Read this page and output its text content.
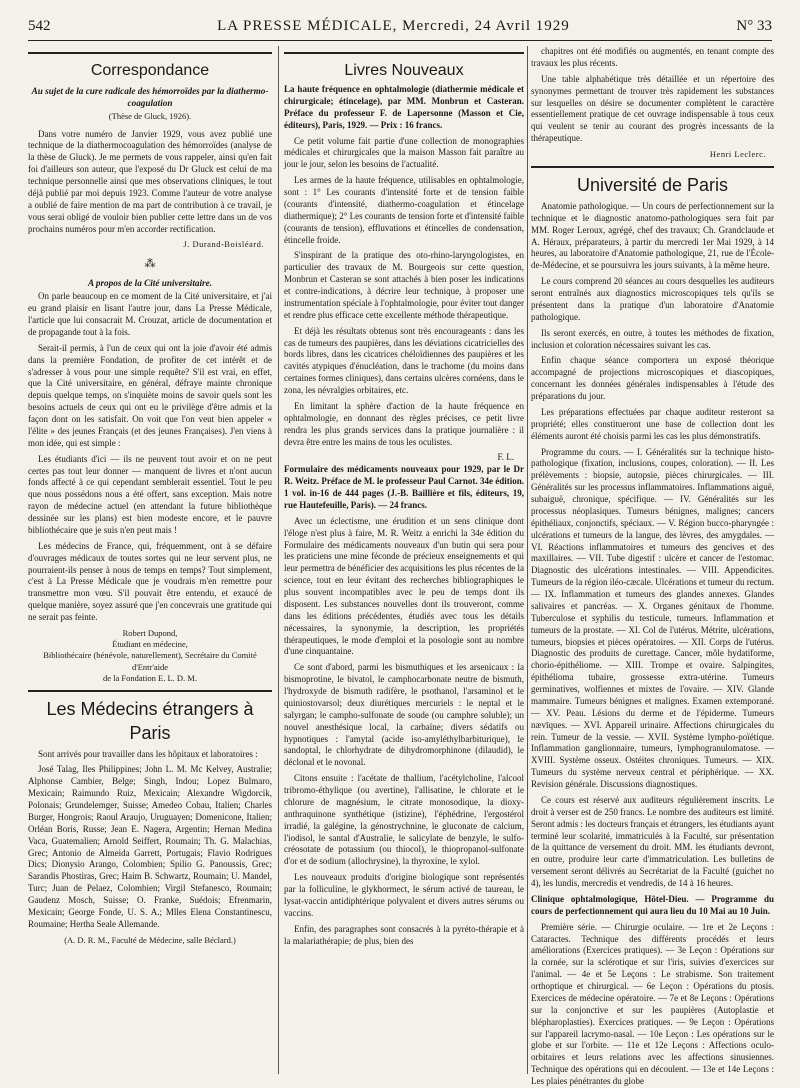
542	LA PRESSE MÉDICALE, Mercredi, 24 Avril 1929	N° 33
Correspondance
Au sujet de la cure radicale des hémorroïdes par la diathermo-coagulation
(Thèse de Gluck, 1926).

Dans votre numéro de Janvier 1929, vous avez publié une technique de la diathermocoagulation des hémorroïdes (analyse de la thèse de Gluck). Je me permets de vous rappeler, ainsi qu'en fait foi d'ailleurs son auteur, que l'exposé du Dr Gluck est celui de ma technique personnelle ainsi que mes observations cliniques, le tout déjà publié par moi depuis 1923. Comme l'auteur de votre analyse a oublié de faire mention de ma part de contribution à ce travail, je vous serai obligé de vouloir bien publier cette lettre dans un de vos prochains numéros pour m'en accorder rectification.

J. Durand-Boisléard.
⁂
A propos de la Cité universitaire.

On parle beaucoup en ce moment de la Cité universitaire, et j'ai eu grand plaisir en lisant l'autre jour, dans La Presse Médicale, l'article que lui consacrait M. Crouzat, article de documentation et de propagande tout à la fois.

Serait-il permis, à l'un de ceux qui ont la joie d'avoir été admis dans la première Fondation, de profiter de cet intérêt et de s'adresser à vous pour une simple requête? S'il est vrai, en effet, que la Cité universitaire, en général, défraye mainte chronique depuis quelque temps, on s'inquiète moins de savoir quels sont les besoins actuels de ceux qui ont eu le privilège d'être admis et la façon dont on les satisfait. On voit que l'on veut bien appeler « l'élite » des jeunes Français (et des jeunes Françaises). J'en viens à mon idée, qui est simple :

Les étudiants d'ici — ils ne peuvent tout avoir et on ne peut certes pas tout leur donner — manquent de livres et n'ont aucun fonds affecté à ce qui cependant semblerait essentiel. Tout le peu que nous possédons nous a été offert, sans exception. Mais notre rayon de médecine actuel (en attendant la future bibliothèque dessinée sur les plans) est bien modeste encore, et le pauvre bibliothécaire que je suis n'en peut mais !

Les médecins de France, qui, fréquemment, ont à se défaire d'ouvrages médicaux de toutes sortes qui ne leur servent plus, ne pourraient-ils penser à nous de temps en temps? Tout simplement, c'est à La Presse Médicale que je voudrais m'en remettre pour transmettre mon vœu. S'il pouvait être entendu, et exaucé de quelque manière, soyez assuré que j'en concevrais une gratitude qui ne serait pas feinte.

Robert Dupond,
Étudiant en médecine,
Bibliothécaire (bénévole, naturellement), Secrétaire du Comité d'Entr'aide
de la Fondation E. L. D. M.
Les Médecins étrangers à Paris

Sont arrivés pour travailler dans les hôpitaux et laboratoires :

José Talag, Iles Philippines; John L. M. Mc Kelvey, Australie; Alphonse Cambier, Belge; Singh, Indou; Lopez Bulmaro, Mexicain; Raimundo Ruiz, Mexicain; Alexandre Wigdorcik, Polonais; Grundelemger, Suisse; Amedeo Cobau, Italien; Charles Burger, Hongrois; Raoul Araujo, Uruguayen; Domenicone, Italien; Orléan Boris, Russe; Jean E. Nagera, Argentin; Hernan Medina Vaca, Guatemalien; Arnold Seiffert, Roumain; Th. G. Malachias, Grec; Antonio de Almeida Garrett, Portugais; Flavio Rodrigues Dics; Dionysio Arango, Colombien; Spilio G. Panoussis, Grec; Sarandis Phostiras, Grec; Haim B. Schwartz, Roumain; U. Mandel, Turc; Juan de Pelaez, Colombien; Virgil Stefanesco, Roumain; Gaudenz Mosch, Suisse; O. Franke, Suédois; Efrenmarin, Mexicain; George Fonde, U. S. A.; Mlles Elena Constantinescu, Roumaine; Hertha Seale Allemande.

(A. D. R. M., Faculté de Médecine, salle Béclard.)
Livres Nouveaux

La haute fréquence en ophtalmologie (diathermie médicale et chirurgicale; étincelage), par MM. Monbrun et Casteran. Préface du professeur F. de Lapersonne (Masson et Cie, éditeurs), Paris, 1929. — Prix : 16 francs.

Ce petit volume fait partie d'une collection de monographies médicales et chirurgicales que la maison Masson fait paraître au jour le jour, selon les besoins de l'actualité.

Les armes de la haute fréquence, utilisables en ophtalmologie, sont : 1° Les courants d'intensité forte et de tension faible (courants d'intensité, diathermo-coagulation et étincelage diathermique); 2° Les courants de tension forte et d'intensité faible (courants de tension), effluvations et étincelles de condensation, étincelle froide.

S'inspirant de la pratique des oto-rhino-laryngologistes, en particulier des travaux de M. Bourgeois sur cette question, Monbrun et Casteran se sont attachés à bien poser les indications et contre-indications, à décrire leur technique, à proposer une instrumentation spéciale à l'ophtalmologie, pour éviter tout danger et rendre plus efficace cette excellente méthode thérapeutique.

Et déjà les résultats obtenus sont très encourageants : dans les cas de tumeurs des paupières, dans les déviations cicatricielles des bords libres, dans les cicatrices chéloïdiennes des paupières et les cavités atypiques d'énucléation, dans le trachome (du moins dans certaines formes cliniques), dans certains ulcères cornéens, dans le zona, les névralgies orbitaires, etc.

En limitant la sphère d'action de la haute fréquence en ophtalmologie, en donnant des règles précises, ce petit livre rendra les plus grands services dans la pratique journalière : il devra être entre les mains de tous les oculistes.

F. L.

Formulaire des médicaments nouveaux pour 1929, par le Dr R. Weitz. Préface de M. le professeur Paul Carnot. 34e édition. 1 vol. in-16 de 444 pages (J.-B. Baillière et fils, éditeurs, 19, rue Hautefeuille, Paris). — 24 francs.

Avec un éclectisme, une érudition et un sens clinique dont l'éloge n'est plus à faire, M. R. Weitz a enrichi la 34e édition du Formulaire des médicaments nouveaux d'un butin qui sera pour les praticiens une mine féconde de précieux enseignements et qui leur permettra de bénéficier des acquisitions les plus récentes de la science, tout en leur évitant des recherches bibliographiques le plus souvent incompatibles avec le peu de temps dont ils disposent. Les substances nouvelles dont ils trouveront, comme dans les éditions précédentes, étudiés avec tous les détails nécessaires, la synonymie, la description, les propriétés thérapeutiques, le mode d'emploi et la posologie sont au nombre d'une cinquantaine.

Ce sont d'abord, parmi les bismuthiques et les arsenicaux : la bismoprotine, le bivatol, le camphocarbonate neutre de bismuth, l'hydroxyde de bismuth radifère, le psothanol, l'arsaminol et le quiniostovarsol; deux diurétiques mercuriels : le neptal et le salyrgan; le campho-sulfonate de soude (ou camphre soluble); un nouvel anesthésique local, la carbaïne; divers sédatifs ou hypnotiques : l'amytal (acide iso-amyléthylbarbiturique), le sandoptal, le chlorhydrate de dihydromorphinone (dilaudid), le déclonal et le novonal.

Citons ensuite : l'acétate de thallium, l'acétylcholine, l'alcool tribromo-éthylique (ou avertine), l'allisatine, le chlorate et le chlorure de magnésium, le citrate monosodique, la dioxy-anthraquinone synthétique (istizine), l'éphédrine, l'ergostérol irradié, la galégine, la génostrychnine, le gluconate de calcium, l'iodisol, le santal d'Australie, le salicylate de benzyle, le sulfo-créosotate de potassium (ou thiocol), le thiopropanol-sulfonate d'or et de sodium (allochrysine), la thyroxine, le xylol.

Les nouveaux produits d'origine biologique sont représentés par la folliculine, le glykhormect, le sérum activé de taureau, le lysat-vaccin antidiphtérique polyvalent et divers autres sérums ou vaccins.

Enfin, des paragraphes sont consacrés à la pyréto-thérapie et à la malariathérapie; de plus, bien des

chapitres ont été modifiés ou augmentés, en tenant compte des travaux les plus récents.

Une table alphabétique très détaillée et un répertoire des synonymes permettant de trouver très rapidement les substances sur lesquelles on désire se documenter complètent le caractère essentiellement pratique de cet ouvrage indispensable à tous ceux qui veulent se tenir au courant des progrès incessants de la thérapeutique.

Henri Leclerc.
Université de Paris

Anatomie pathologique. — Un cours de perfectionnement sur la technique et le diagnostic anatomo-pathologiques sera fait par MM. Roger Leroux, agrégé, chef des travaux; Ch. Grandclaude et A. Héraux, préparateurs, à partir du mercredi 1er Mai 1929, à 14 heures, au laboratoire d'Anatomie pathologique, 21, rue de l'École-de-Médecine, et se poursuivra les jours suivants, à la même heure.

Le cours comprend 20 séances au cours desquelles les auditeurs seront entraînés aux diagnostics microscopiques tels qu'ils se présentent dans la pratique d'un laboratoire d'Anatomie pathologique.

Ils seront exercés, en outre, à toutes les méthodes de fixation, inclusion et coloration nécessaires suivant les cas.

Enfin chaque séance comportera un exposé théorique accompagné de projections microscopiques et diascopiques, concernant les données générales indispensables à l'étude des préparations du jour.

Les préparations effectuées par chaque auditeur resteront sa propriété; elles constitueront une base de collection dont les éléments auront été choisis parmi les cas les plus démonstratifs.

Programme du cours. — I. Généralités sur la technique histo-pathologique (fixation, inclusions, coupes, coloration). — II. Les prélèvements : biopsie, autopsie, pièces chirurgicales. — III. Généralités sur les processus inflammatoires. Inflammations aiguë, subaiguë, chronique, spécifique. — IV. Généralités sur les processus néoplasiques. Tumeurs bénignes, malignes; cancers épithéliaux, conjonctifs, spéciaux. — V. Région bucco-pharyngée : ulcérations et tumeurs de la langue, des lèvres, des amygdales. — VI. Réactions inflammatoires et tumeurs des gencives et des maxillaires. — VII. Tube digestif : ulcère et cancer de l'estomac. Diagnostic des ulcérations intestinales. — VIII. Appendicites. Tumeurs de la région iléo-cæcale. Ulcérations et tumeur du rectum. — IX. Inflammation et tumeurs des glandes annexes. Glandes salivaires et pancréas. — X. Organes génitaux de l'homme. Tuberculose et syphilis du testicule, tumeurs. Inflammation et tumeurs de la prostate. — XI. Col de l'utérus. Métrite, ulcérations, tumeurs, biopsies et pièces opératoires. — XII. Corps de l'utérus. Diagnostic des produits de curettage. Cancer, môle hydatiforme, chorio-épithéliome. — XIII. Trompe et ovaire. Salpingites, épithélioma tubaire, grossesse extra-utérine. Tumeurs germinatives, wolfiennes et mixtes de l'ovaire. — XIV. Glande mammaire. Tumeurs bénignes et malignes. Examen extemporané. — XV. Peau. Lésions du derme et de l'épiderme. Tumeurs nævīques. — XVI. Appareil urinaire. Affections chirurgicales du rein. Tumeur de la vessie. — XVII. Système lympho-poïétique. Inflammation ganglionnaire, tumeurs, lymphogranulomatose. — XVIII. Système osseux. Ostéites chroniques. Tumeurs. — XIX. Tumeurs du système nerveux central et périphérique. — XX. Revision générale. Discussions diagnostiques.

Ce cours est réservé aux auditeurs régulièrement inscrits. Le droit à verser est de 250 francs. Le nombre des auditeurs est limité. Seront admis : les docteurs français et étrangers, les étudiants ayant terminé leur scolarité, immatriculés à la Faculté, sur présentation de la quittance de versement du droit. MM. les étudiants devront, en outre, produire leur carte d'immatriculation. Les bulletins de versement seront délivrés au Secrétariat de la Faculté (guichet no 4), les lundis, mercredis et vendredis, de 14 à 16 heures.

Clinique ophtalmologique, Hôtel-Dieu. — Programme du cours de perfectionnement qui aura lieu du 10 Mai au 10 Juin.

Première série. — Chirurgie oculaire. — 1re et 2e Leçons : Cataractes. Technique des différents procédés et leurs améliorations (Exercices pratiques). — 3e Leçon : Opérations sur la cornée, sur la sclérotique et sur l'iris, suivies d'exercices sur l'animal. — 4e et 5e Leçons : Le strabisme. Son traitement orthoptique et chirurgical. — 6e Leçon : Opérations du ptosis. Exercices de médecine opératoire. — 7e et 8e Leçons : Opérations sur la conjonctive et sur les paupières (Autoplastie et blépharoplasties). Exercices pratiques. — 9e Leçon : Opérations sur l'appareil lacrymo-nasal. — 10e Leçon : Les opérations sur le globe et sur l'orbite. — 11e et 12e Leçons : Affections oculo-orbitaires et leurs relations avec les affections sinusiennes. Technique des opérations qui en découlent. — 13e et 14e Leçons : Les plaies pénétrantes du globe
